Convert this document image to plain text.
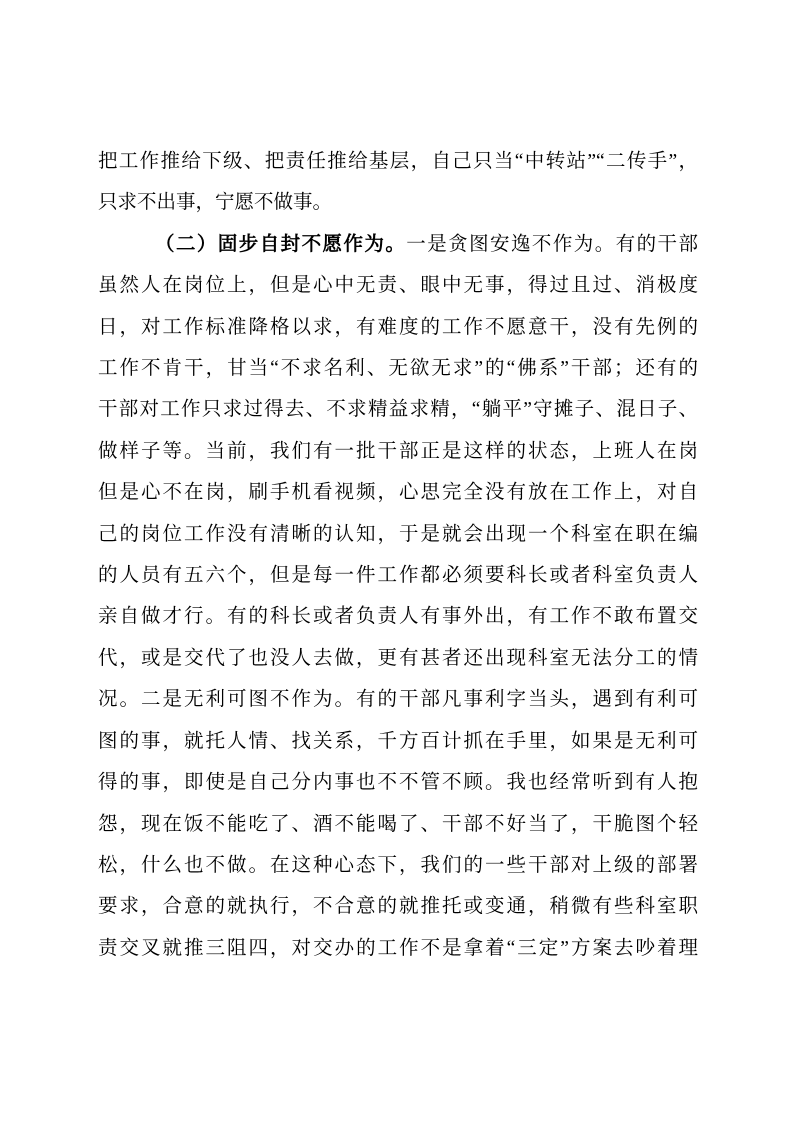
把工作推给下级、把责任推给基层，自己只当“中转站”“二传手”，
只求不出事，宁愿不做事。
（二）固步自封不愿作为。一是贪图安逸不作为。有的干部
虽然人在岗位上，但是心中无责、眼中无事，得过且过、消极度
日，对工作标准降格以求，有难度的工作不愿意干，没有先例的
工作不肯干，甘当“不求名利、无欲无求”的“佛系”干部；还有的
干部对工作只求过得去、不求精益求精，“躺平”守摊子、混日子、
做样子等。当前，我们有一批干部正是这样的状态，上班人在岗
但是心不在岗，刷手机看视频，心思完全没有放在工作上，对自
己的岗位工作没有清晰的认知，于是就会出现一个科室在职在编
的人员有五六个，但是每一件工作都必须要科长或者科室负责人
亲自做才行。有的科长或者负责人有事外出，有工作不敢布置交
代，或是交代了也没人去做，更有甚者还出现科室无法分工的情
况。二是无利可图不作为。有的干部凡事利字当头，遇到有利可
图的事，就托人情、找关系，千方百计抓在手里，如果是无利可
得的事，即使是自己分内事也不不管不顾。我也经常听到有人抱
怨，现在饭不能吃了、酒不能喝了、干部不好当了，干脆图个轻
松，什么也不做。在这种心态下，我们的一些干部对上级的部署
要求，合意的就执行，不合意的就推托或变通，稍微有些科室职
责交叉就推三阻四，对交办的工作不是拿着“三定”方案去吵着理
